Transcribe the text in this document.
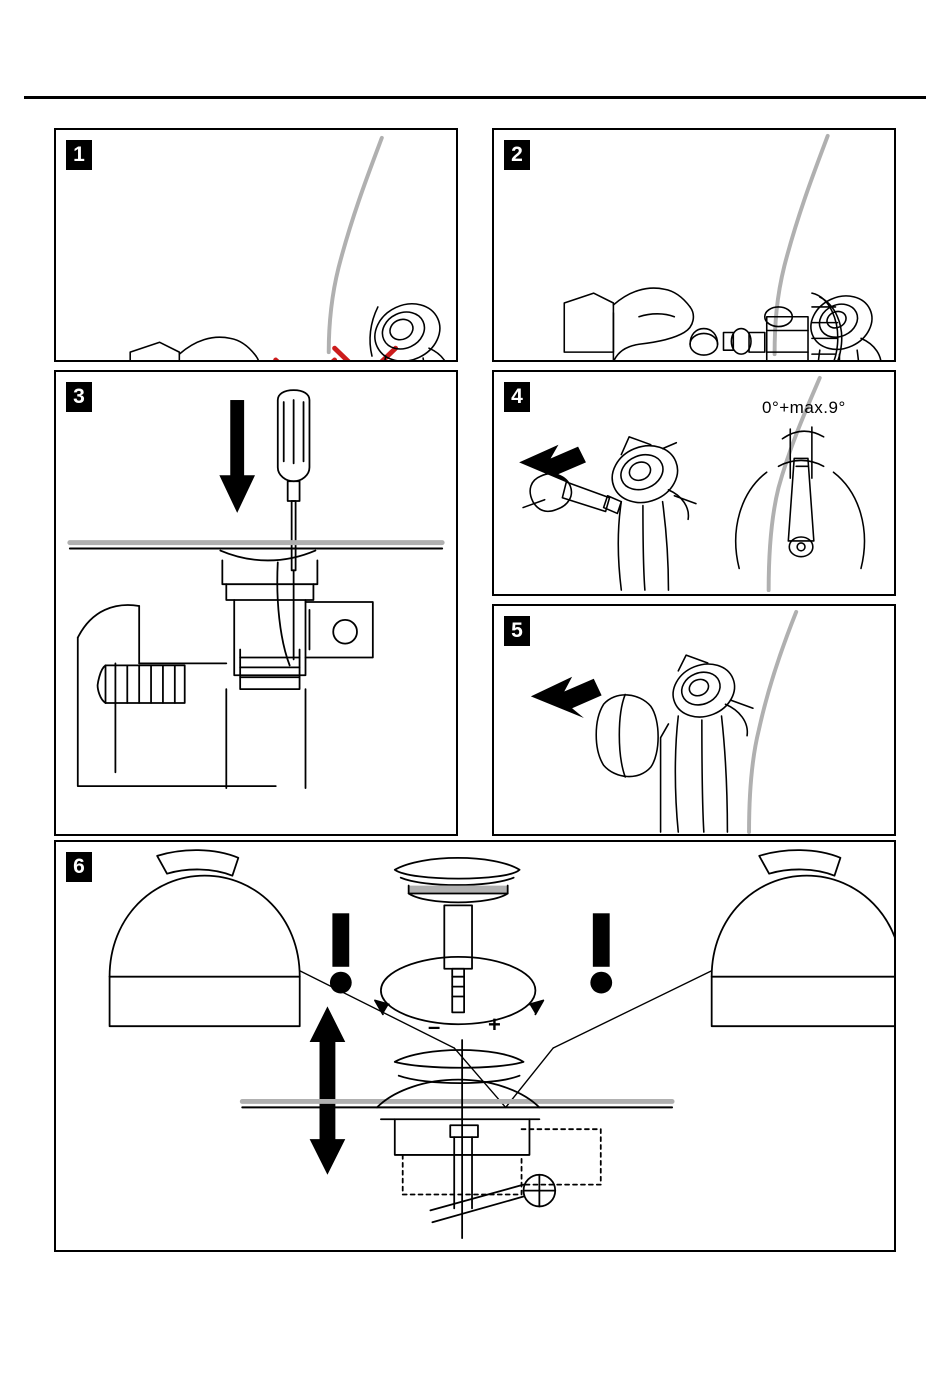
1	2
3	4	0°+max.9°
5
6
– +
